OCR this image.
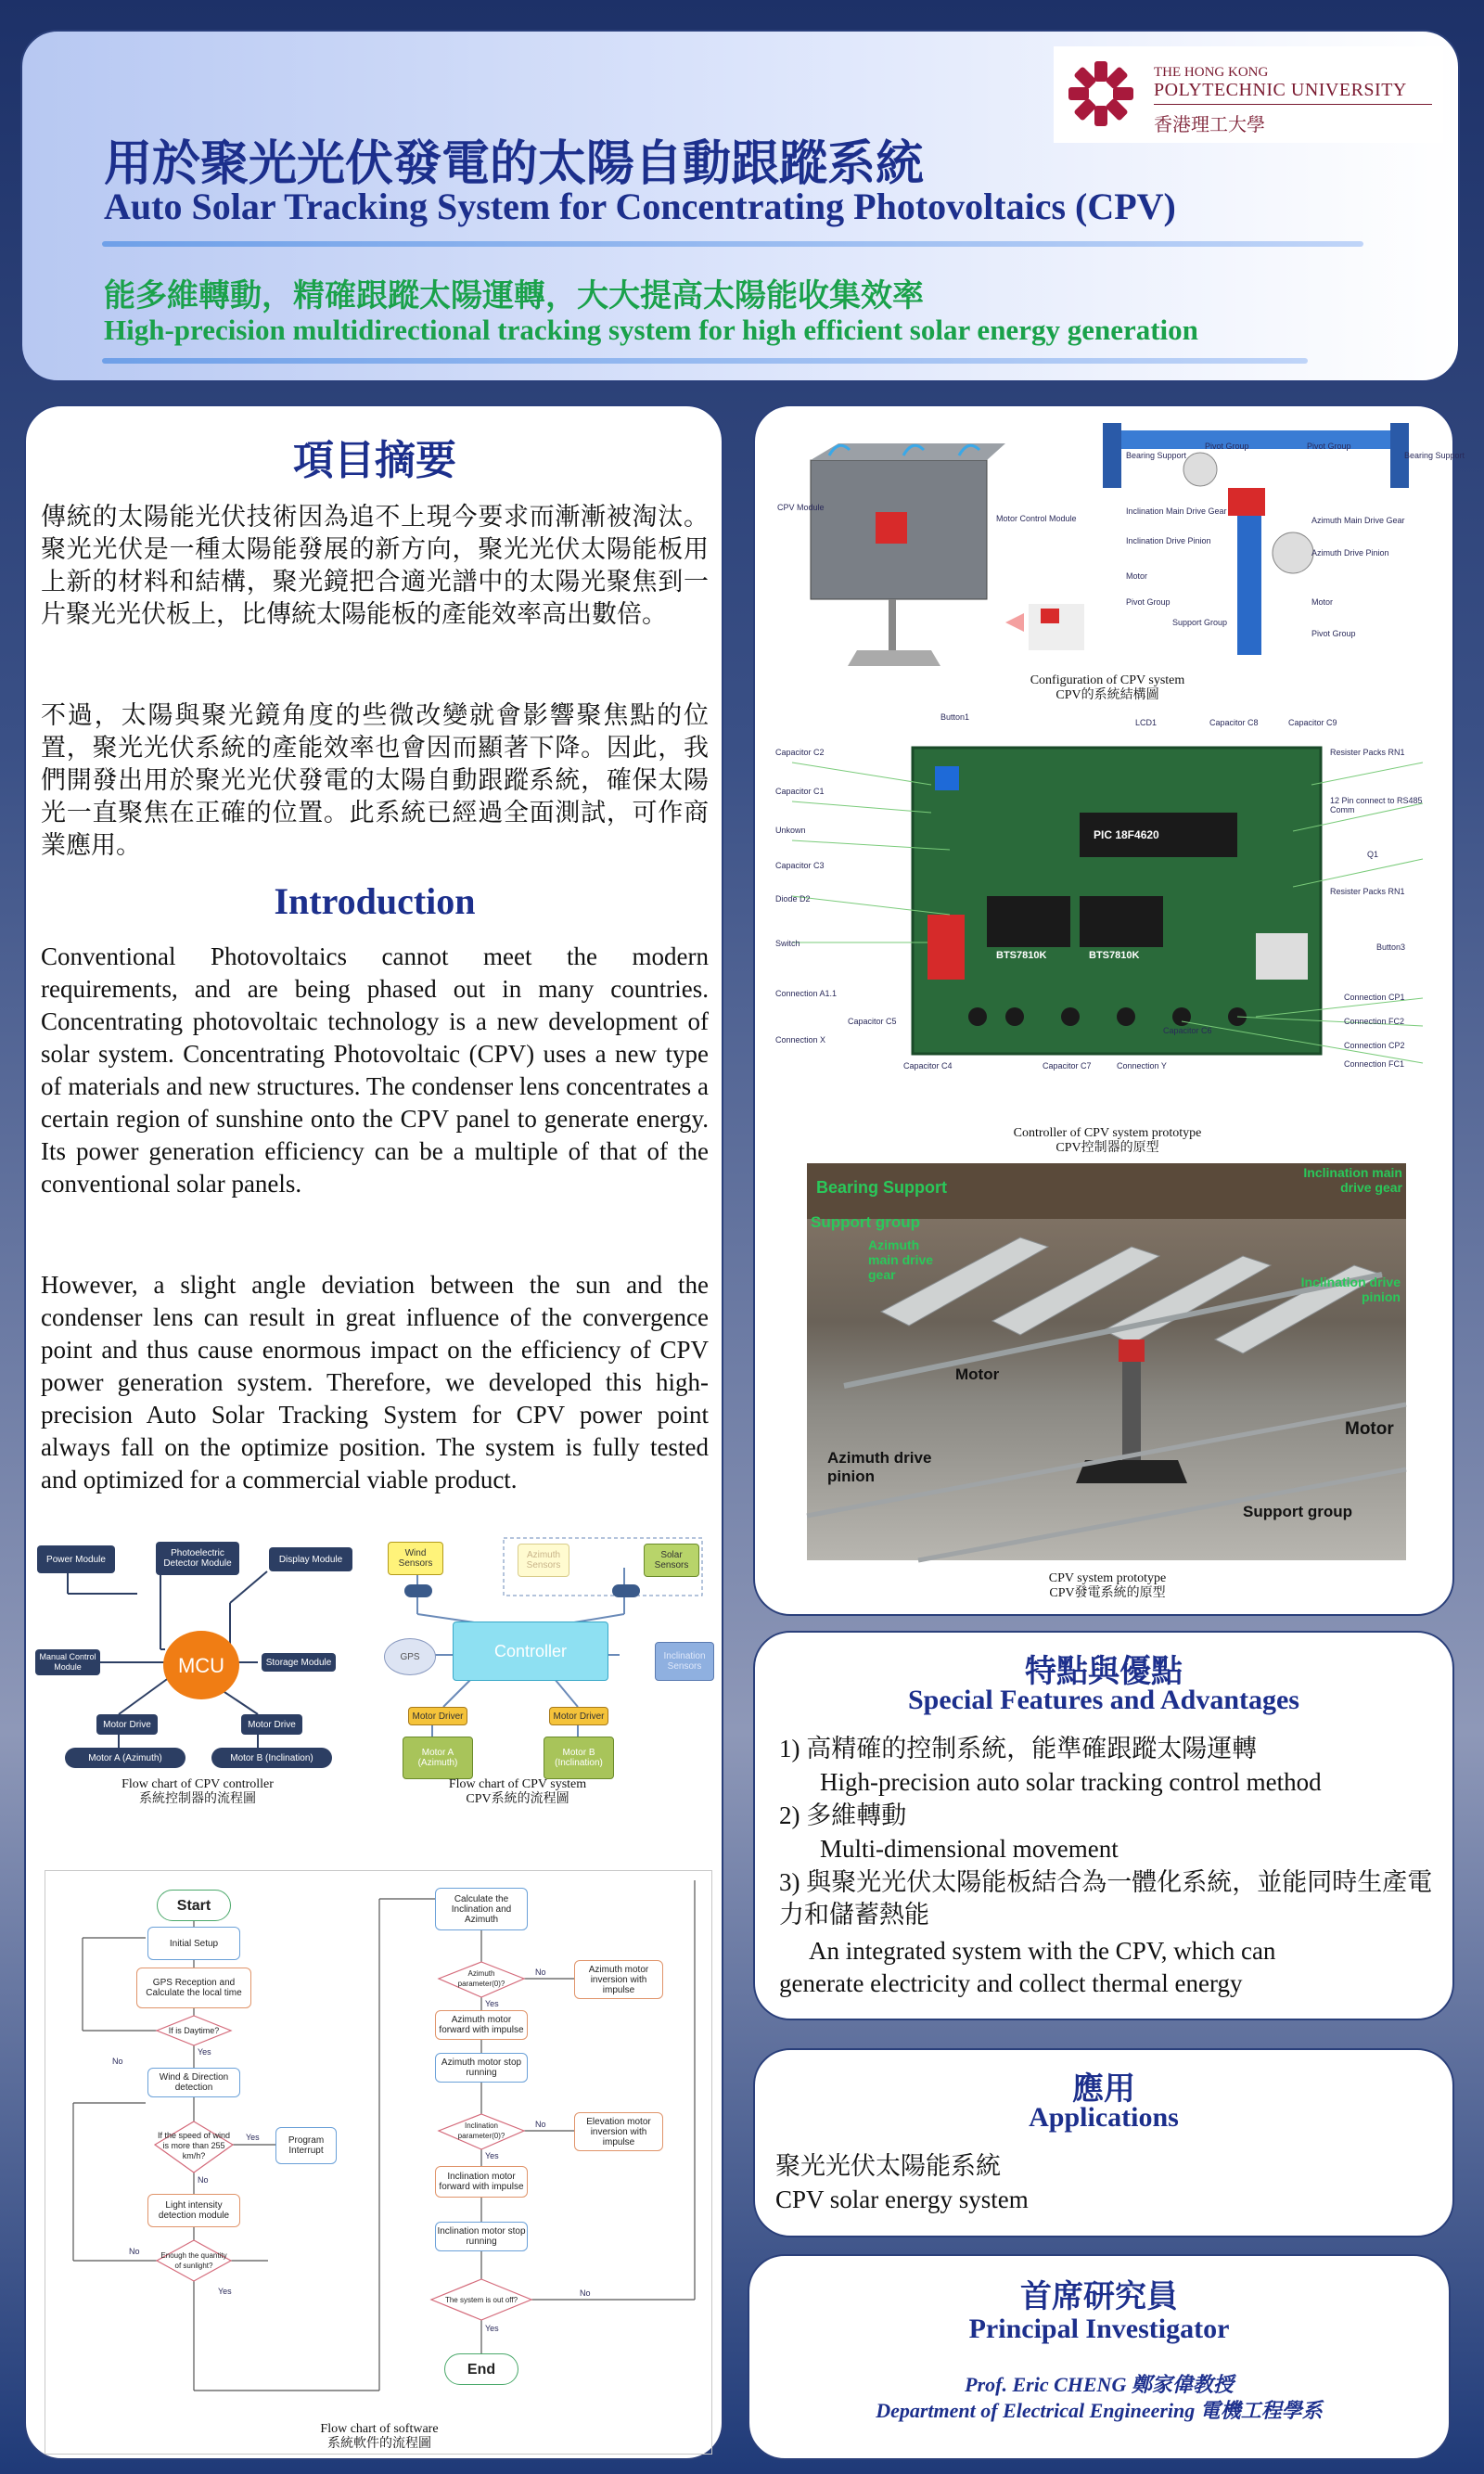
THE HONG KONG
POLYTECHNIC UNIVERSITY
香港理工大學
用於聚光光伏發電的太陽自動跟蹤系統
Auto Solar Tracking System for Concentrating Photovoltaics (CPV)
能多維轉動，精確跟蹤太陽運轉，大大提高太陽能收集效率
High-precision multidirectional tracking system for high efficient solar energy generation
項目摘要
傳統的太陽能光伏技術因為追不上現今要求而漸漸被淘汰。聚光光伏是一種太陽能發展的新方向，聚光光伏太陽能板用上新的材料和結構，聚光鏡把合適光譜中的太陽光聚焦到一片聚光光伏板上，比傳統太陽能板的產能效率高出數倍。
不過，太陽與聚光鏡角度的些微改變就會影響聚焦點的位置，聚光光伏系統的產能效率也會因而顯著下降。因此，我們開發出用於聚光光伏發電的太陽自動跟蹤系統，確保太陽光一直聚焦在正確的位置。此系統已經過全面測試，可作商業應用。
Introduction
Conventional Photovoltaics cannot meet the modern requirements, and are being phased out in many countries. Concentrating photovoltaic technology is a new development of solar system. Concentrating Photovoltaic (CPV) uses a new type of materials and new structures. The condenser lens concentrates a certain region of sunshine onto the CPV panel to generate energy. Its power generation efficiency can be a multiple of that of the conventional solar panels.
However, a slight angle deviation between the sun and the condenser lens can result in great influence of the convergence point and thus cause enormous impact on the efficiency of CPV power generation system. Therefore, we developed this high-precision Auto Solar Tracking System for CPV power point always fall on the optimize position. The system is fully tested and optimized for a commercial viable product.
Power Module
Photoelectric Detector Module	Display Module
Manual Control Module	MCU	Storage Module
Motor Drive	Motor Drive
Motor A (Azimuth)	Motor B (Inclination)
Flow chart of CPV controller
系統控制器的流程圖
Wind Sensors
Azimuth Sensors
Solar Sensors
GPS	Controller	Inclination Sensors
Motor Driver	Motor Driver
Motor A (Azimuth)
Motor B (Inclination)
Flow chart of CPV system
CPV系統的流程圖
Start
Initial Setup
GPS Reception and Calculate the local time
If is Daytime?
Wind & Direction detection
If the speed of wind is more than 255 km/h?
Program Interrupt
Light intensity detection module
Enough the quantity of sunlight?
Calculate the Inclination and Azimuth
Azimuth parameter(0)?
Azimuth motor inversion with impulse
Azimuth motor forward with impulse
Azimuth motor stop running
Inclination parameter(0)?
Elevation motor inversion with impulse
Inclination motor forward with impulse
Inclination motor stop running
The system is out off?
End
No
Yes
Yes
No
No
Yes
No
Yes
No
Yes
No
Yes
Flow chart of software
系統軟件的流程圖
Bearing Support
Pivot Group	Pivot Group
Bearing Support
Inclination Main Drive Gear
Azimuth Main Drive Gear
Inclination Drive Pinion
Azimuth Drive Pinion
Motor
Motor
Pivot Group
Support Group
Pivot Group
CPV Module
Motor Control Module
Configuration of CPV system
CPV的系統結構圖
Button1
LCD1	Capacitor C8	Capacitor C9
Capacitor C2
Capacitor C1
Unkown
Capacitor C3
Diode D2
Switch
PIC 18F4620
BTS7810K	BTS7810K
Resister Packs RN1
12 Pin connect to RS485 Comm
Q1
Resister Packs RN1
Button3
Connection A1.1
Connection X
Capacitor C5
Capacitor C4	Capacitor C7	Connection Y
Capacitor C6
Connection CP1
Connection FC2
Connection CP2
Connection FC1
Controller of CPV system prototype
CPV控制器的原型
Bearing Support
Support group
Azimuth main drive gear
Inclination main drive gear
Inclination drive pinion
Motor
Motor
Azimuth drive pinion
Support group
CPV system prototype
CPV發電系統的原型
特點與優點
Special Features and Advantages
1) 高精確的控制系統，能準確跟蹤太陽運轉
High-precision auto solar tracking control method
2) 多維轉動
Multi-dimensional movement
3) 與聚光光伏太陽能板結合為一體化系統，並能同時生產電力和儲蓄熱能
An integrated system with the CPV, which can generate electricity and collect thermal energy
應用
Applications
聚光光伏太陽能系統
CPV solar energy system
首席研究員
Principal Investigator
Prof. Eric CHENG 鄭家偉教授
Department of Electrical Engineering 電機工程學系
